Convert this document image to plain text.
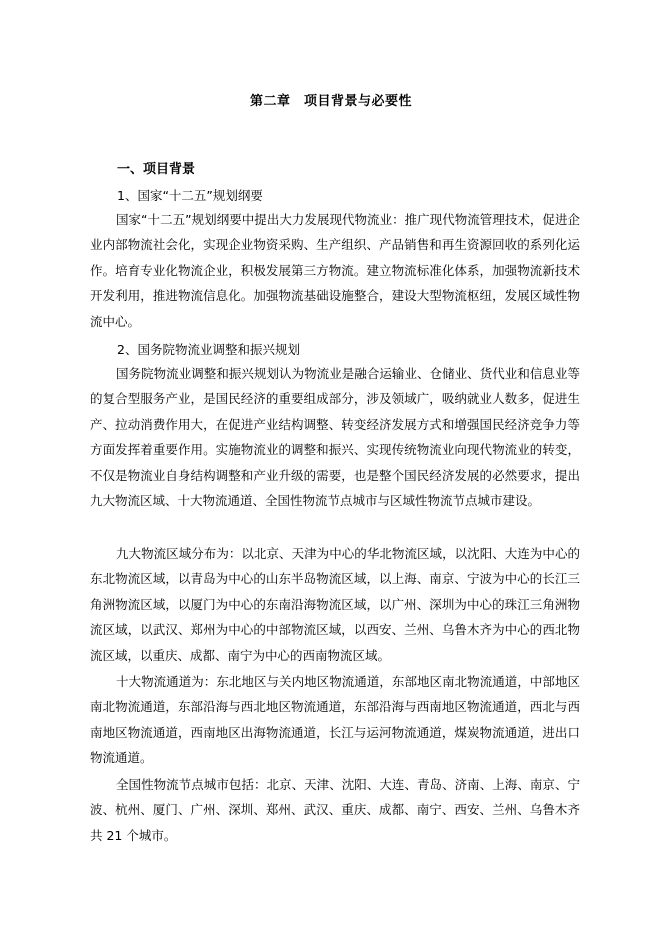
第二章　项目背景与必要性
一、项目背景
1、国家“十二五”规划纲要

国家“十二五”规划纲要中提出大力发展现代物流业：推广现代物流管理技术，促进企业内部物流社会化，实现企业物资采购、生产组织、产品销售和再生资源回收的系列化运作。培育专业化物流企业，积极发展第三方物流。建立物流标准化体系，加强物流新技术开发利用，推进物流信息化。加强物流基础设施整合，建设大型物流枢纽，发展区域性物流中心。

2、国务院物流业调整和振兴规划

国务院物流业调整和振兴规划认为物流业是融合运输业、仓储业、货代业和信息业等的复合型服务产业，是国民经济的重要组成部分，涉及领域广，吸纳就业人数多，促进生产、拉动消费作用大，在促进产业结构调整、转变经济发展方式和增强国民经济竞争力等方面发挥着重要作用。实施物流业的调整和振兴、实现传统物流业向现代物流业的转变，不仅是物流业自身结构调整和产业升级的需要，也是整个国民经济发展的必然要求，提出九大物流区域、十大物流通道、全国性物流节点城市与区域性物流节点城市建设。

九大物流区域分布为：以北京、天津为中心的华北物流区域，以沈阳、大连为中心的东北物流区域，以青岛为中心的山东半岛物流区域，以上海、南京、宁波为中心的长江三角洲物流区域，以厦门为中心的东南沿海物流区域，以广州、深圳为中心的珠江三角洲物流区域，以武汉、郑州为中心的中部物流区域，以西安、兰州、乌鲁木齐为中心的西北物流区域，以重庆、成都、南宁为中心的西南物流区域。

十大物流通道为：东北地区与关内地区物流通道，东部地区南北物流通道，中部地区南北物流通道，东部沿海与西北地区物流通道，东部沿海与西南地区物流通道，西北与西南地区物流通道，西南地区出海物流通道，长江与运河物流通道，煤炭物流通道，进出口物流通道。

全国性物流节点城市包括：北京、天津、沈阳、大连、青岛、济南、上海、南京、宁波、杭州、厦门、广州、深圳、郑州、武汉、重庆、成都、南宁、西安、兰州、乌鲁木齐共 21 个城市。
